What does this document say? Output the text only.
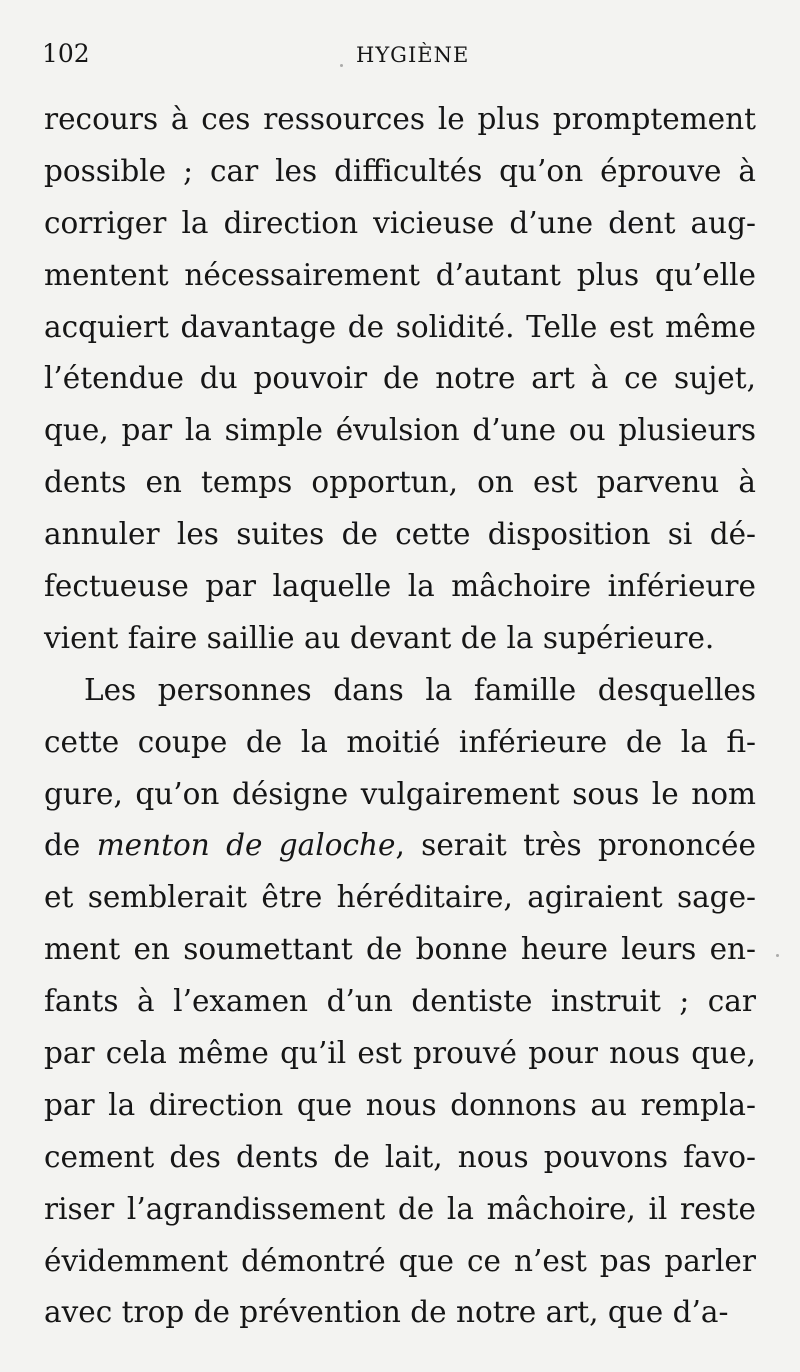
102	HYGIÈNE
recours à ces ressources le plus promptement
possible ; car les difficultés qu’on éprouve à
corriger la direction vicieuse d’une dent aug-
mentent nécessairement d’autant plus qu’elle
acquiert davantage de solidité. Telle est même
l’étendue du pouvoir de notre art à ce sujet,
que, par la simple évulsion d’une ou plusieurs
dents en temps opportun, on est parvenu à
annuler les suites de cette disposition si dé-
fectueuse par laquelle la mâchoire inférieure
vient faire saillie au devant de la supérieure.
Les personnes dans la famille desquelles
cette coupe de la moitié inférieure de la fi-
gure, qu’on désigne vulgairement sous le nom
de menton de galoche, serait très prononcée
et semblerait être héréditaire, agiraient sage-
ment en soumettant de bonne heure leurs en-
fants à l’examen d’un dentiste instruit ; car
par cela même qu’il est prouvé pour nous que,
par la direction que nous donnons au rempla-
cement des dents de lait, nous pouvons favo-
riser l’agrandissement de la mâchoire, il reste
évidemment démontré que ce n’est pas parler
avec trop de prévention de notre art, que d’a-
